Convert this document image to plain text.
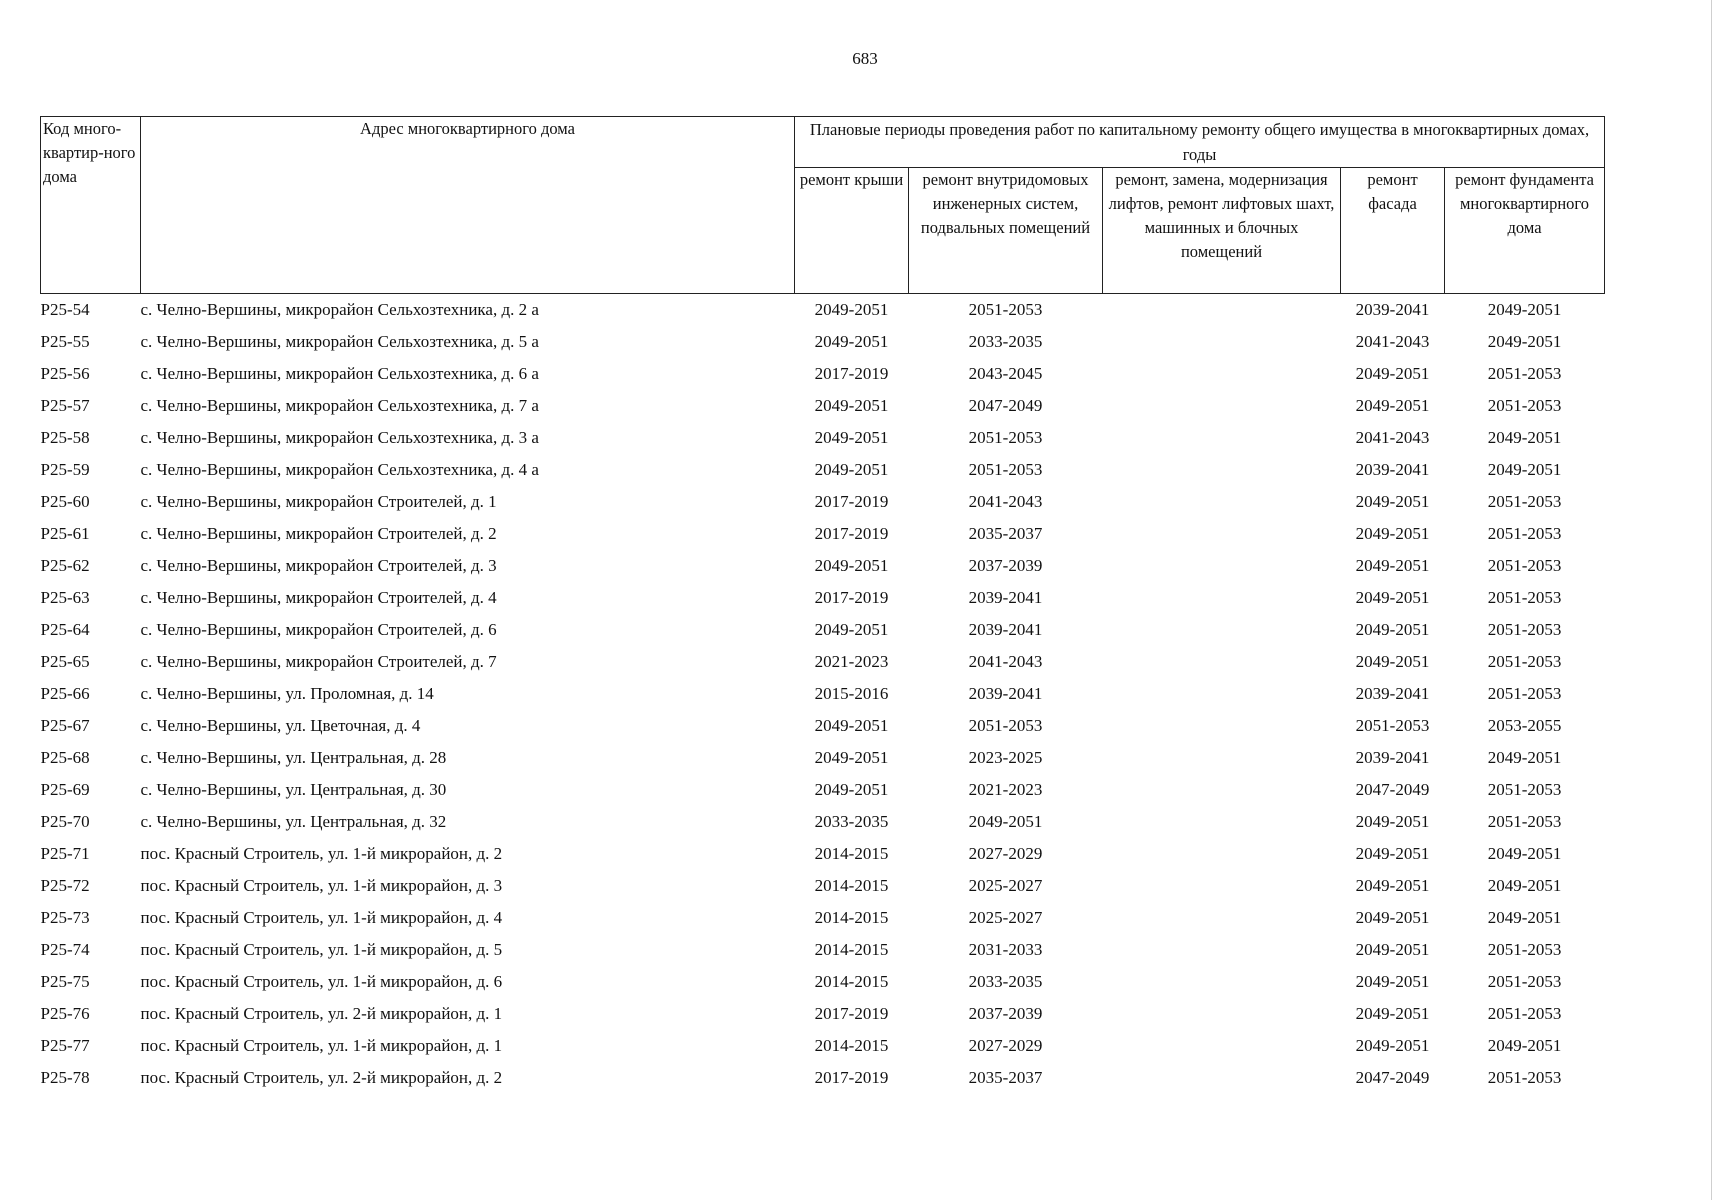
683
Код много-квартир-ного дома	Адрес многоквартирного дома	Плановые периоды проведения работ по капитальному ремонту общего имущества в многоквартирных домах, годы				
		ремонт крыши	ремонт внутридомовых инженерных систем, подвальных помещений	ремонт, замена, модернизация лифтов, ремонт лифтовых шахт, машинных и блочных помещений	ремонт фасада	ремонт фундамента многоквартирного дома
Р25-54	с. Челно-Вершины, микрорайон Сельхозтехника, д. 2 а	2049-2051	2051-2053		2039-2041	2049-2051
Р25-55	с. Челно-Вершины, микрорайон Сельхозтехника, д. 5 а	2049-2051	2033-2035		2041-2043	2049-2051
Р25-56	с. Челно-Вершины, микрорайон Сельхозтехника, д. 6 а	2017-2019	2043-2045		2049-2051	2051-2053
Р25-57	с. Челно-Вершины, микрорайон Сельхозтехника, д. 7 а	2049-2051	2047-2049		2049-2051	2051-2053
Р25-58	с. Челно-Вершины, микрорайон Сельхозтехника, д. 3 а	2049-2051	2051-2053		2041-2043	2049-2051
Р25-59	с. Челно-Вершины, микрорайон Сельхозтехника, д. 4 а	2049-2051	2051-2053		2039-2041	2049-2051
Р25-60	с. Челно-Вершины, микрорайон Строителей, д. 1	2017-2019	2041-2043		2049-2051	2051-2053
Р25-61	с. Челно-Вершины, микрорайон Строителей, д. 2	2017-2019	2035-2037		2049-2051	2051-2053
Р25-62	с. Челно-Вершины, микрорайон Строителей, д. 3	2049-2051	2037-2039		2049-2051	2051-2053
Р25-63	с. Челно-Вершины, микрорайон Строителей, д. 4	2017-2019	2039-2041		2049-2051	2051-2053
Р25-64	с. Челно-Вершины, микрорайон Строителей, д. 6	2049-2051	2039-2041		2049-2051	2051-2053
Р25-65	с. Челно-Вершины, микрорайон Строителей, д. 7	2021-2023	2041-2043		2049-2051	2051-2053
Р25-66	с. Челно-Вершины, ул. Проломная, д. 14	2015-2016	2039-2041		2039-2041	2051-2053
Р25-67	с. Челно-Вершины, ул. Цветочная, д. 4	2049-2051	2051-2053		2051-2053	2053-2055
Р25-68	с. Челно-Вершины, ул. Центральная, д. 28	2049-2051	2023-2025		2039-2041	2049-2051
Р25-69	с. Челно-Вершины, ул. Центральная, д. 30	2049-2051	2021-2023		2047-2049	2051-2053
Р25-70	с. Челно-Вершины, ул. Центральная, д. 32	2033-2035	2049-2051		2049-2051	2051-2053
Р25-71	пос. Красный Строитель, ул. 1-й микрорайон, д. 2	2014-2015	2027-2029		2049-2051	2049-2051
Р25-72	пос. Красный Строитель, ул. 1-й микрорайон, д. 3	2014-2015	2025-2027		2049-2051	2049-2051
Р25-73	пос. Красный Строитель, ул. 1-й микрорайон, д. 4	2014-2015	2025-2027		2049-2051	2049-2051
Р25-74	пос. Красный Строитель, ул. 1-й микрорайон, д. 5	2014-2015	2031-2033		2049-2051	2051-2053
Р25-75	пос. Красный Строитель, ул. 1-й микрорайон, д. 6	2014-2015	2033-2035		2049-2051	2051-2053
Р25-76	пос. Красный Строитель, ул. 2-й микрорайон, д. 1	2017-2019	2037-2039		2049-2051	2051-2053
Р25-77	пос. Красный Строитель, ул. 1-й микрорайон, д. 1	2014-2015	2027-2029		2049-2051	2049-2051
Р25-78	пос. Красный Строитель, ул. 2-й микрорайон, д. 2	2017-2019	2035-2037		2047-2049	2051-2053
